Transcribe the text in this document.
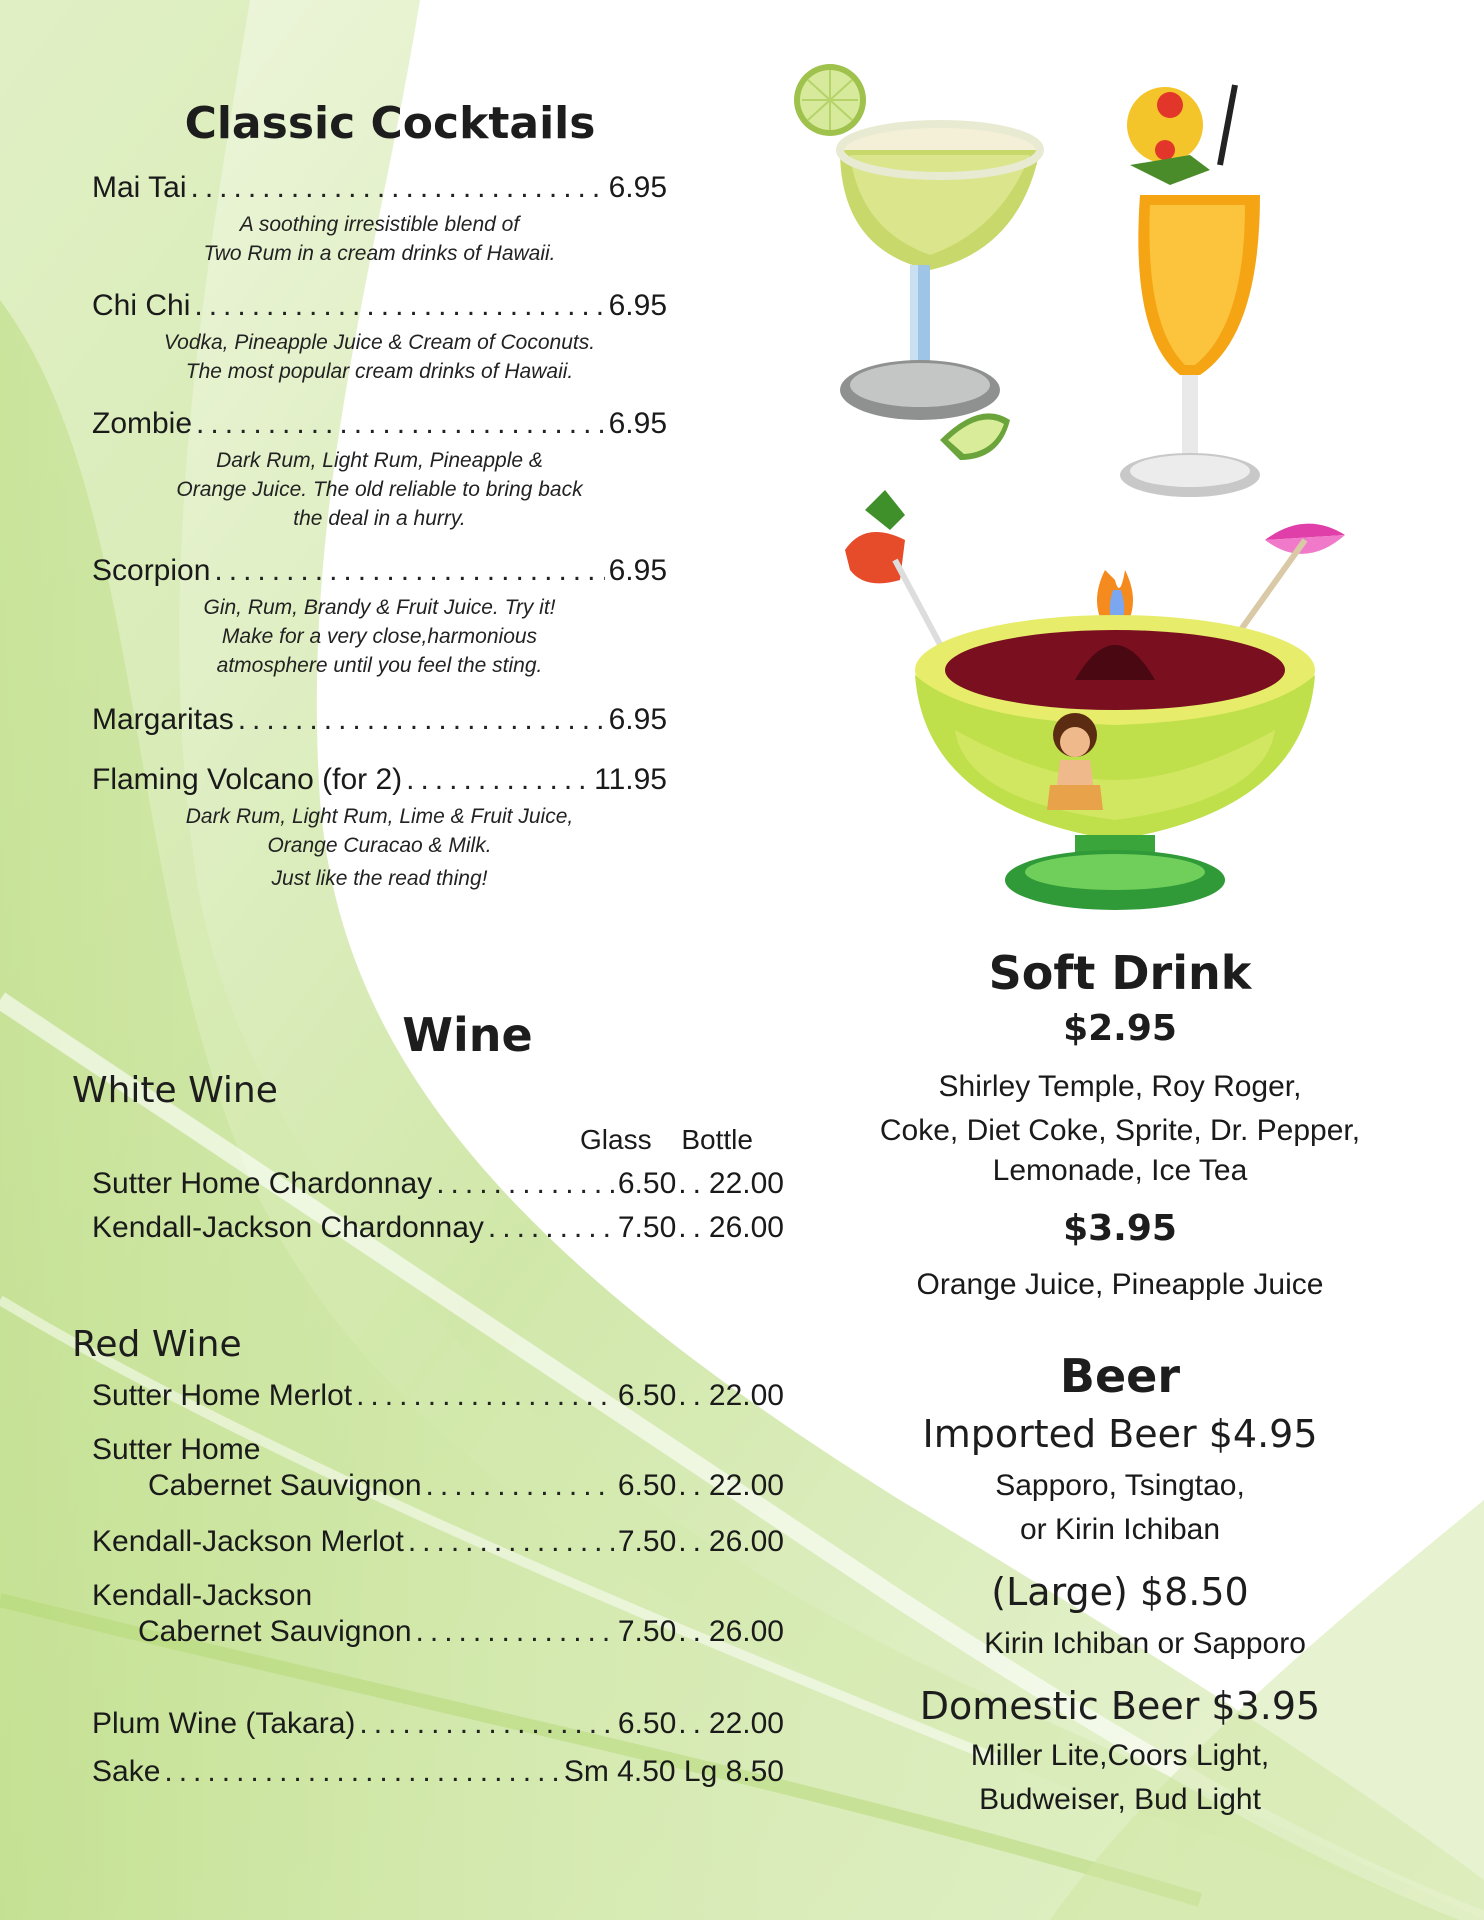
Classic Cocktails
Mai Tai .....	6.95
A soothing irresistible blend of
Two Rum in a cream drinks of Hawaii.
Chi Chi .....	6.95
Vodka, Pineapple Juice & Cream of Coconuts.
The most popular cream drinks of Hawaii.
Zombie .....	6.95
Dark Rum, Light Rum, Pineapple &
Orange Juice. The old reliable to bring back
the deal in a hurry.
Scorpion .....	6.95
Gin, Rum, Brandy & Fruit Juice. Try it!
Make for a very close,harmonious
atmosphere until you feel the sting.
Margaritas .....	6.95
Flaming Volcano (for 2) .....	11.95
Dark Rum, Light Rum, Lime & Fruit Juice,
Orange Curacao & Milk.
Just like the read thing!
Wine
White Wine
Glass Bottle
Sutter Home Chardonnay .....	6.50 .. 22.00
Kendall-Jackson Chardonnay .....	7.50 .. 26.00
Red Wine
Sutter Home Merlot .....	6.50 .. 22.00
Sutter Home
Cabernet Sauvignon .....	6.50 .. 22.00
Kendall-Jackson Merlot .....	7.50 .. 26.00
Kendall-Jackson
Cabernet Sauvignon .....	7.50 .. 26.00
Plum Wine (Takara) .....	6.50 .. 22.00
Sake .....	Sm 4.50 Lg 8.50
Soft Drink
$2.95
Shirley Temple, Roy Roger,
Coke, Diet Coke, Sprite, Dr. Pepper,
Lemonade, Ice Tea
$3.95
Orange Juice, Pineapple Juice
Beer
Imported Beer $4.95
Sapporo, Tsingtao,
or Kirin Ichiban
(Large) $8.50
Kirin Ichiban or Sapporo
Domestic Beer $3.95
Miller Lite,Coors Light,
Budweiser, Bud Light
